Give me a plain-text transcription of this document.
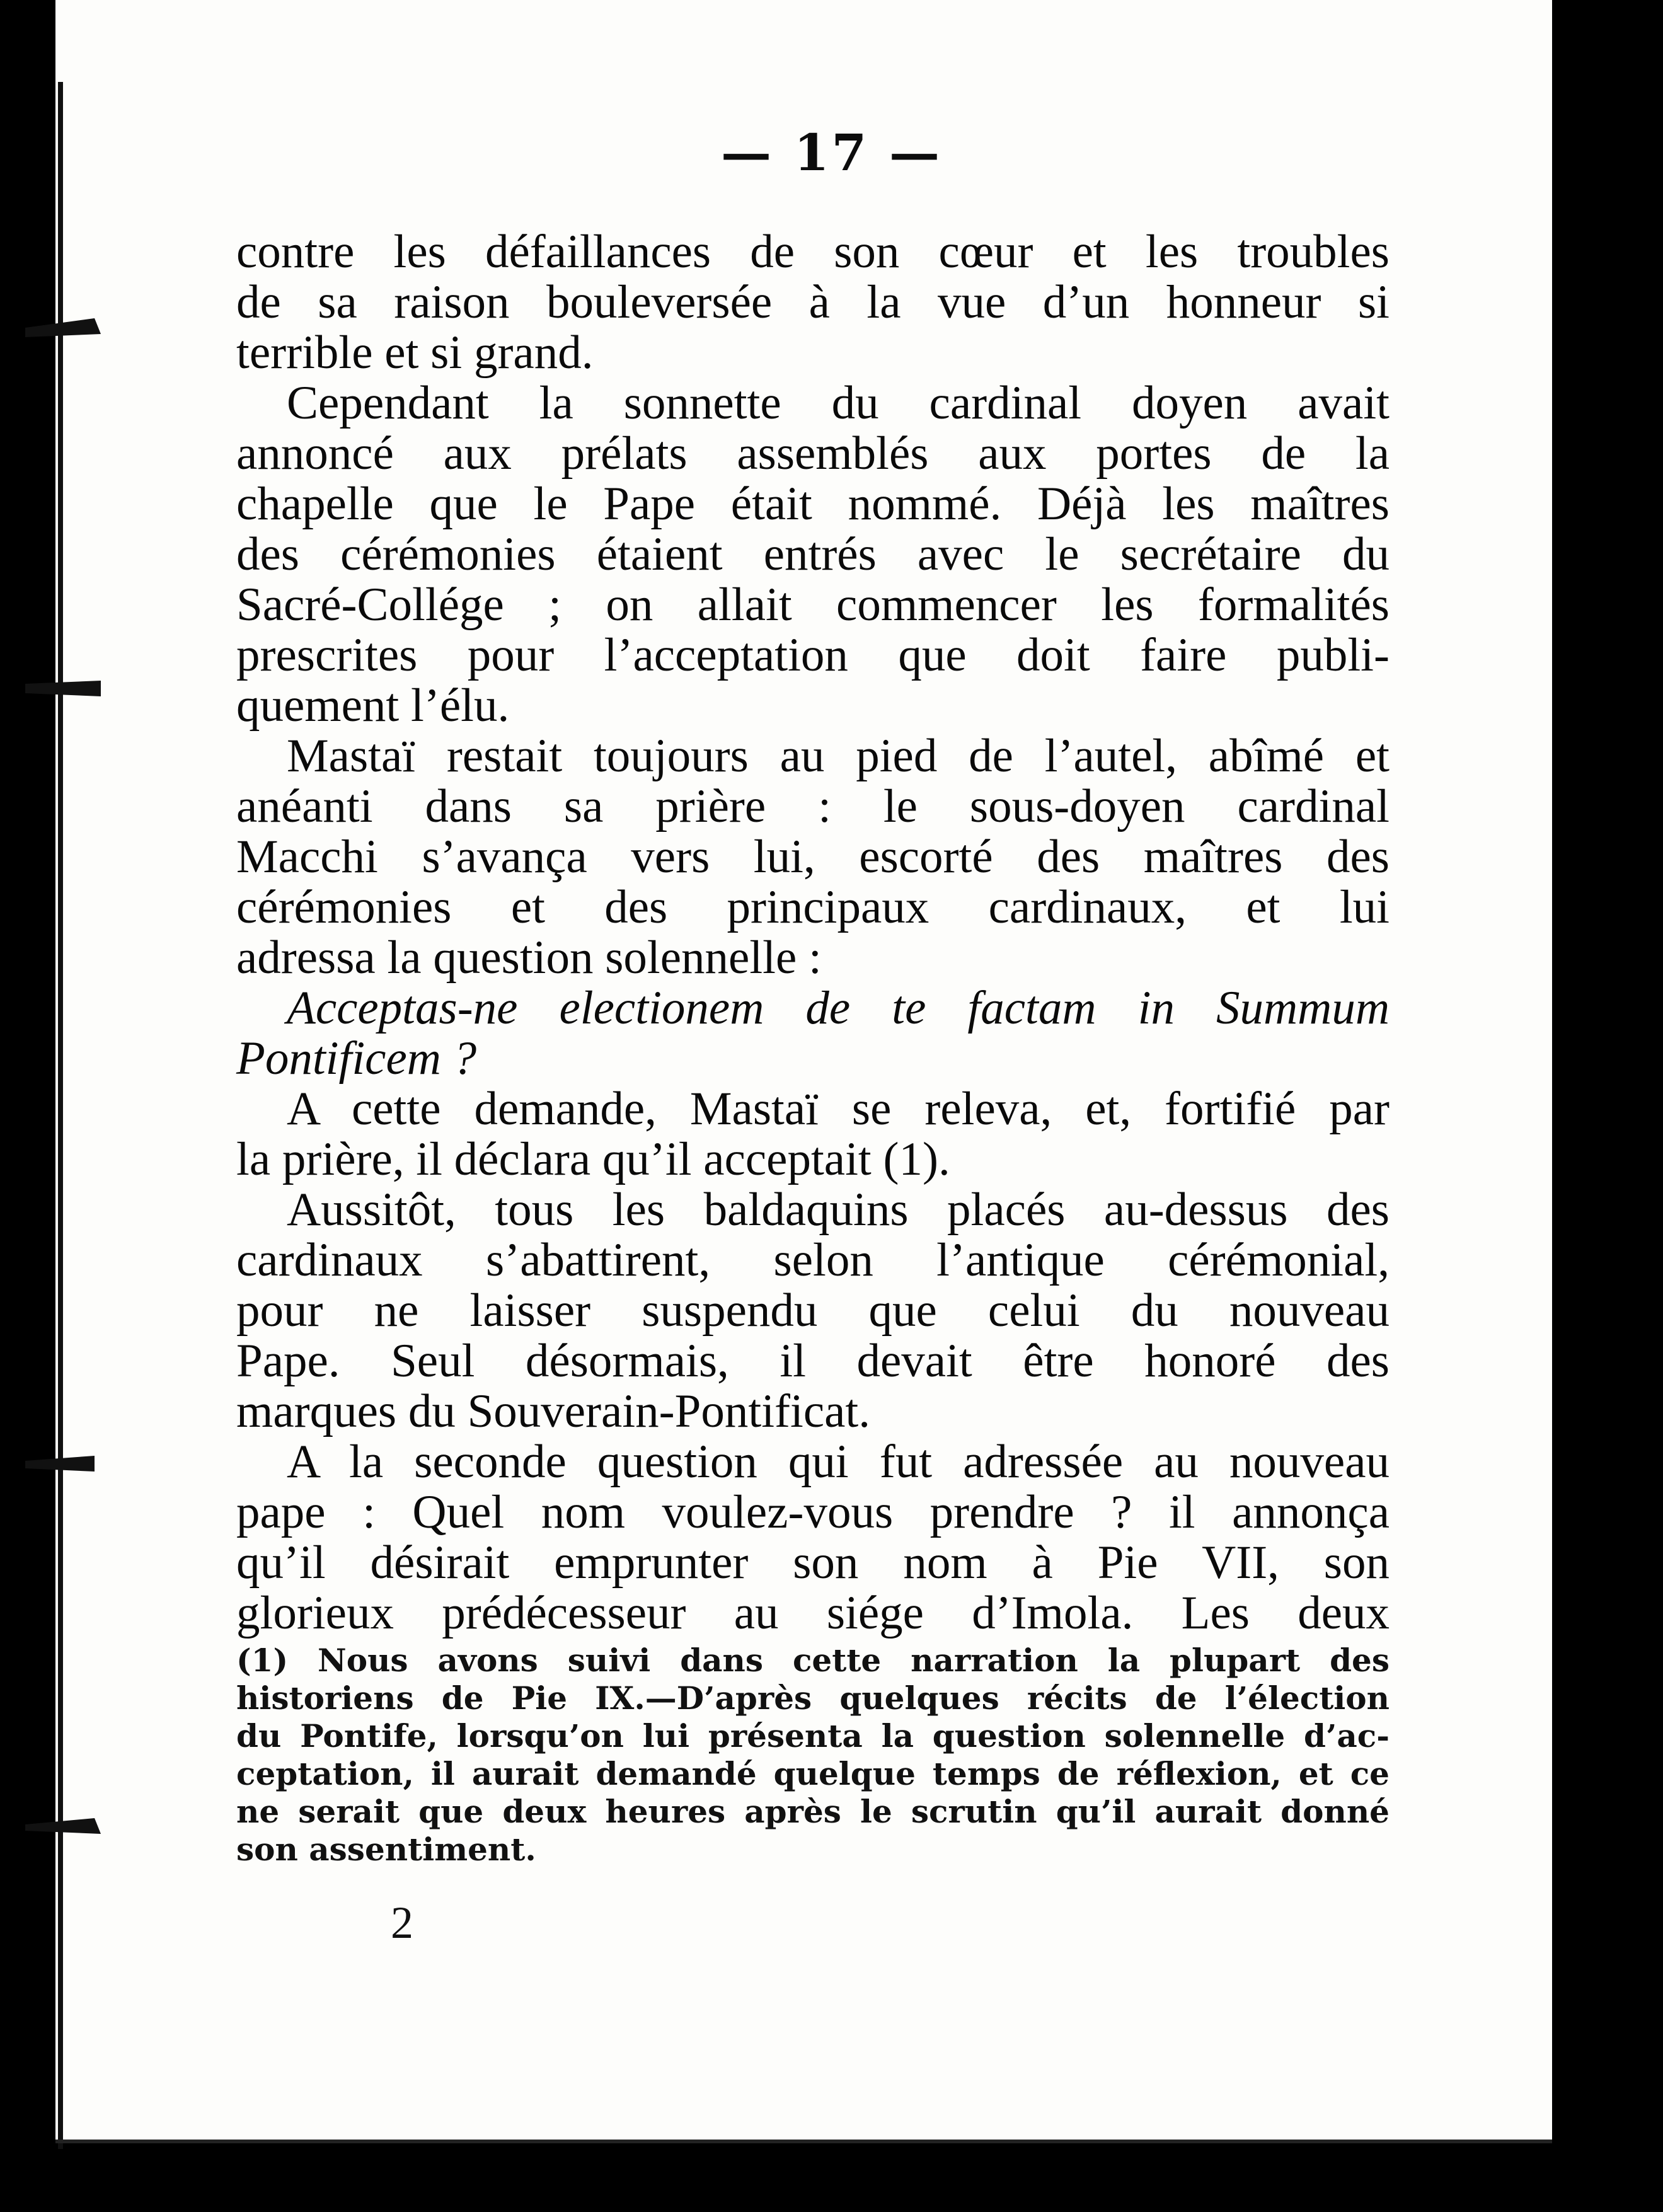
— 17 —
contre les défaillances de son cœur et les troubles
de sa raison bouleversée à la vue d’un honneur si
terrible et si grand.
Cependant la sonnette du cardinal doyen avait
annoncé aux prélats assemblés aux portes de la
chapelle que le Pape était nommé. Déjà les maîtres
des cérémonies étaient entrés avec le secrétaire du
Sacré-Collége ; on allait commencer les formalités
prescrites pour l’acceptation que doit faire publi-
quement l’élu.
Mastaï restait toujours au pied de l’autel, abîmé et
anéanti dans sa prière : le sous-doyen cardinal
Macchi s’avança vers lui, escorté des maîtres des
cérémonies et des principaux cardinaux, et lui
adressa la question solennelle :
Acceptas-ne electionem de te factam in Summum
Pontificem ?
A cette demande, Mastaï se releva, et, fortifié par
la prière, il déclara qu’il acceptait (1).
Aussitôt, tous les baldaquins placés au-dessus des
cardinaux s’abattirent, selon l’antique cérémonial,
pour ne laisser suspendu que celui du nouveau
Pape. Seul désormais, il devait être honoré des
marques du Souverain-Pontificat.
A la seconde question qui fut adressée au nouveau
pape : Quel nom voulez-vous prendre ? il annonça
qu’il désirait emprunter son nom à Pie VII, son
glorieux prédécesseur au siége d’Imola. Les deux
(1) Nous avons suivi dans cette narration la plupart des
historiens de Pie IX.—D’après quelques récits de l’élection
du Pontife, lorsqu’on lui présenta la question solennelle d’ac-
ceptation, il aurait demandé quelque temps de réflexion, et ce
ne serait que deux heures après le scrutin qu’il aurait donné
son assentiment.
2
